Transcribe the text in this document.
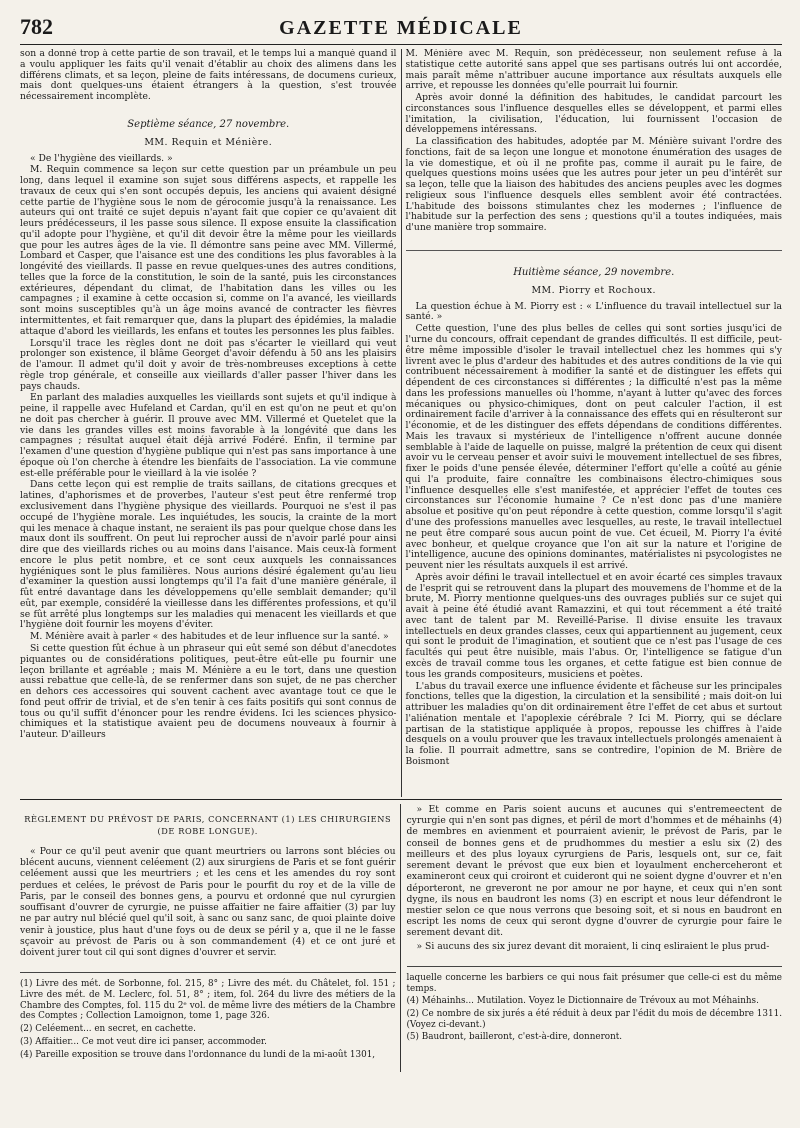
782	GAZETTE MÉDICALE

son a donné trop à cette partie de son travail, et le temps lui a manqué quand il a voulu appliquer les faits qu'il venait d'établir au choix des alimens dans les différens climats, et sa leçon, pleine de faits intéressans, de documens curieux, mais dont quelques-uns étaient étrangers à la question, s'est trouvée nécessairement incomplète.

Septième séance, 27 novembre.
MM. Requin et Ménière.

« De l'hygiène des vieillards. »

M. Requin commence sa leçon sur cette question par un préambule un peu long, dans lequel il examine son sujet sous différens aspects, et rappelle les travaux de ceux qui s'en sont occupés depuis, les anciens qui avaient désigné cette partie de l'hygiène sous le nom de gérocomie jusqu'à la renaissance. Les auteurs qui ont traité ce sujet depuis n'ayant fait que copier ce qu'avaient dit leurs prédécesseurs, il les passe sous silence. Il expose ensuite la classification qu'il adopte pour l'hygiène, et qu'il dit devoir être la même pour les vieillards que pour les autres âges de la vie. Il démontre sans peine avec MM. Villermé, Lombard et Casper, que l'aisance est une des conditions les plus favorables à la longévité des vieillards. Il passe en revue quelques-unes des autres conditions, telles que la force de la constitution, le soin de la santé, puis les circonstances extérieures, dépendant du climat, de l'habitation dans les villes ou les campagnes ; il examine à cette occasion si, comme on l'a avancé, les vieillards sont moins susceptibles qu'à un âge moins avancé de contracter les fièvres intermittentes, et fait remarquer que, dans la plupart des épidémies, la maladie attaque d'abord les vieillards, les enfans et toutes les personnes les plus faibles.

Lorsqu'il trace les règles dont ne doit pas s'écarter le vieillard qui veut prolonger son existence, il blâme Georget d'avoir défendu à 50 ans les plaisirs de l'amour. Il admet qu'il doit y avoir de très-nombreuses exceptions à cette règle trop générale, et conseille aux vieillards d'aller passer l'hiver dans les pays chauds.

En parlant des maladies auxquelles les vieillards sont sujets et qu'il indique à peine, il rappelle avec Hufeland et Cardan, qu'il en est qu'on ne peut et qu'on ne doit pas chercher à guérir. Il prouve avec MM. Villermé et Quetelet que la vie dans les grandes villes est moins favorable à la longévité que dans les campagnes ; résultat auquel était déjà arrivé Fodéré. Enfin, il termine par l'examen d'une question d'hygiène publique qui n'est pas sans importance à une époque où l'on cherche à étendre les bienfaits de l'association. La vie commune est-elle préférable pour le vieillard à la vie isolée ?

Dans cette leçon qui est remplie de traits saillans, de citations grecques et latines, d'aphorismes et de proverbes, l'auteur s'est peut être renfermé trop exclusivement dans l'hygiène physique des vieillards. Pourquoi ne s'est il pas occupé de l'hygiène morale. Les inquiétudes, les soucis, la crainte de la mort qui les menace à chaque instant, ne seraient ils pas pour quelque chose dans les maux dont ils souffrent. On peut lui reprocher aussi de n'avoir parlé pour ainsi dire que des vieillards riches ou au moins dans l'aisance. Mais ceux-là forment encore le plus petit nombre, et ce sont ceux auxquels les connaissances hygiéniques sont le plus familières. Nous aurions désiré également qu'au lieu d'examiner la question aussi longtemps qu'il l'a fait d'une manière générale, il fût entré davantage dans les développemens qu'elle semblait demander; qu'il eût, par exemple, considéré la vieillesse dans les différentes professions, et qu'il se fût arrêté plus longtemps sur les maladies qui menacent les vieillards et que l'hygiène doit fournir les moyens d'éviter.

M. Ménière avait à parler « des habitudes et de leur influence sur la santé. »

Si cette question fût échue à un phraseur qui eût semé son début d'anecdotes piquantes ou de considérations politiques, peut-être eût-elle pu fournir une leçon brillante et agréable ; mais M. Ménière a eu le tort, dans une question aussi rebattue que celle-là, de se renfermer dans son sujet, de ne pas chercher en dehors ces accessoires qui souvent cachent avec avantage tout ce que le fond peut offrir de trivial, et de s'en tenir à ces faits positifs qui sont connus de tous ou qu'il suffit d'énoncer pour les rendre évidens. Ici les sciences physico-chimiques et la statistique avaient peu de documens nouveaux à fournir à l'auteur. D'ailleurs

M. Ménière avec M. Requin, son prédécesseur, non seulement refuse à la statistique cette autorité sans appel que ses partisans outrés lui ont accordée, mais paraît même n'attribuer aucune importance aux résultats auxquels elle arrive, et repousse les données qu'elle pourrait lui fournir.

Après avoir donné la définition des habitudes, le candidat parcourt les circonstances sous l'influence desquelles elles se développent, et parmi elles l'imitation, la civilisation, l'éducation, lui fournissent l'occasion de développemens intéressans.

La classification des habitudes, adoptée par M. Ménière suivant l'ordre des fonctions, fait de sa leçon une longue et monotone énumération des usages de la vie domestique, et où il ne profite pas, comme il aurait pu le faire, de quelques questions moins usées que les autres pour jeter un peu d'intérêt sur sa leçon, telle que la liaison des habitudes des anciens peuples avec les dogmes religieux sous l'influence desquels elles semblent avoir été contractées. L'habitude des boissons stimulantes chez les modernes ; l'influence de l'habitude sur la perfection des sens ; questions qu'il a toutes indiquées, mais d'une manière trop sommaire.

Huitième séance, 29 novembre.
MM. Piorry et Rochoux.

La question échue à M. Piorry est : « L'influence du travail intellectuel sur la santé. »

Cette question, l'une des plus belles de celles qui sont sorties jusqu'ici de l'urne du concours, offrait cependant de grandes difficultés. Il est difficile, peut-être même impossible d'isoler le travail intellectuel chez les hommes qui s'y livrent avec le plus d'ardeur des habitudes et des autres conditions de la vie qui contribuent nécessairement à modifier la santé et de distinguer les effets qui dépendent de ces circonstances si différentes ; la difficulté n'est pas la même dans les professions manuelles où l'homme, n'ayant à lutter qu'avec des forces mécaniques ou physico-chimiques, dont on peut calculer l'action, il est ordinairement facile d'arriver à la connaissance des effets qui en résulteront sur l'économie, et de les distinguer des effets dépendans de conditions différentes. Mais les travaux si mystérieux de l'intelligence n'offrent aucune donnée semblable à l'aide de laquelle on puisse, malgré la prétention de ceux qui disent avoir vu le cerveau penser et avoir suivi le mouvement intellectuel de ses fibres, fixer le poids d'une pensée élevée, déterminer l'effort qu'elle a coûté au génie qui l'a produite, faire connaître les combinaisons électro-chimiques sous l'influence desquelles elle s'est manifestée, et apprécier l'effet de toutes ces circonstances sur l'économie humaine ? Ce n'est donc pas d'une manière absolue et positive qu'on peut répondre à cette question, comme lorsqu'il s'agit d'une des professions manuelles avec lesquelles, au reste, le travail intellectuel ne peut être comparé sous aucun point de vue. Cet écueil, M. Piorry l'a évité avec bonheur, et quelque croyance que l'on ait sur la nature et l'origine de l'intelligence, aucune des opinions dominantes, matérialistes ni psycologistes ne peuvent nier les résultats auxquels il est arrivé.

Après avoir défini le travail intellectuel et en avoir écarté ces simples travaux de l'esprit qui se retrouvent dans la plupart des mouvemens de l'homme et de la brute, M. Piorry mentionne quelques-uns des ouvrages publiés sur ce sujet qui avait à peine été étudié avant Ramazzini, et qui tout récemment a été traité avec tant de talent par M. Reveillé-Parise. Il divise ensuite les travaux intellectuels en deux grandes classes, ceux qui appartiennent au jugement, ceux qui sont le produit de l'imagination, et soutient que ce n'est pas l'usage de ces facultés qui peut être nuisible, mais l'abus. Or, l'intelligence se fatigue d'un excès de travail comme tous les organes, et cette fatigue est bien connue de tous les grands compositeurs, musiciens et poètes.

L'abus du travail exerce une influence évidente et fâcheuse sur les principales fonctions, telles que la digestion, la circulation et la sensibilité ; mais doit-on lui attribuer les maladies qu'on dit ordinairement être l'effet de cet abus et surtout l'aliénation mentale et l'apoplexie cérébrale ? Ici M. Piorry, qui se déclare partisan de la statistique appliquée à propos, repousse les chiffres à l'aide desquels on a voulu prouver que les travaux intellectuels prolongés amenaient à la folie. Il pourrait admettre, sans se contredire, l'opinion de M. Brière de Boismont

RÈGLEMENT DU PRÉVOST DE PARIS, CONCERNANT (1) LES CHIRURGIENS
(DE ROBE LONGUE).

« Pour ce qu'il peut avenir que quant meurtriers ou larrons sont blécies ou blécent aucuns, viennent celéement (2) aux sirurgiens de Paris et se font guérir celéement aussi que les meurtriers ; et les cens et les amendes du roy sont perdues et celées, le prévost de Paris pour le pourfit du roy et de la ville de Paris, par le conseil des bonnes gens, a pourvu et ordonné que nul cyrurgien souffisant d'ouvrer de cyrurgie, ne puisse affaitier ne faire affaitier (3) par luy ne par autry nul blécié quel qu'il soit, à sanc ou sanz sanc, de quoi plainte doive venir à joustice, plus haut d'une foys ou de deux se péril y a, que il ne le fasse sçavoir au prévost de Paris ou à son commandement (4) et ce ont juré et doivent jurer tout cil qui sont dignes d'ouvrer et servir.

(1) Livre des mét. de Sorbonne, fol. 215, 8° ; Livre des mét. du Châtelet, fol. 151 ; Livre des mét. de M. Leclerc, fol. 51, 8° ; item, fol. 264 du livre des métiers de la Chambre des Comptes, fol. 115 du 2ᵉ vol. de même livre des métiers de la Chambre des Comptes ; Collection Lamoignon, tome 1, page 326.

(2) Celéement... en secret, en cachette.

(3) Affaitier... Ce mot veut dire ici panser, accommoder.

(4) Pareille exposition se trouve dans l'ordonnance du lundi de la mi-août 1301,

» Et comme en Paris soient aucuns et aucunes qui s'entremeectent de cyrurgie qui n'en sont pas dignes, et péril de mort d'hommes et de méhainhs (4) de membres en avienment et pourraient avienir, le prévost de Paris, par le conseil de bonnes gens et de prudhommes du mestier a eslu six (2) des meilleurs et des plus loyaux cyrurgiens de Paris, lesquels ont, sur ce, fait serement devant le prévost que eux bien et loyaulment encherceheront et examineront ceux qui croiront et cuideront qui ne soient dygne d'ouvrer et n'en déporteront, ne greveront ne por amour ne por hayne, et ceux qui n'en sont dygne, ils nous en baudront les noms (3) en escript et nous leur défendront le mestier selon ce que nous verrons que besoing soit, et si nous en baudront en escript les noms de ceux qui seront dygne d'ouvrer de cyrurgie pour faire le serement devant dit.

» Si aucuns des six jurez devant dit moraient, li cinq esliraient le plus prud-

laquelle concerne les barbiers ce qui nous fait présumer que celle-ci est du même temps.

(4) Méhainhs... Mutilation. Voyez le Dictionnaire de Trévoux au mot Méhainhs.

(2) Ce nombre de six jurés a été réduit à deux par l'édit du mois de décembre 1311. (Voyez ci-devant.)

(5) Baudront, bailleront, c'est-à-dire, donneront.
